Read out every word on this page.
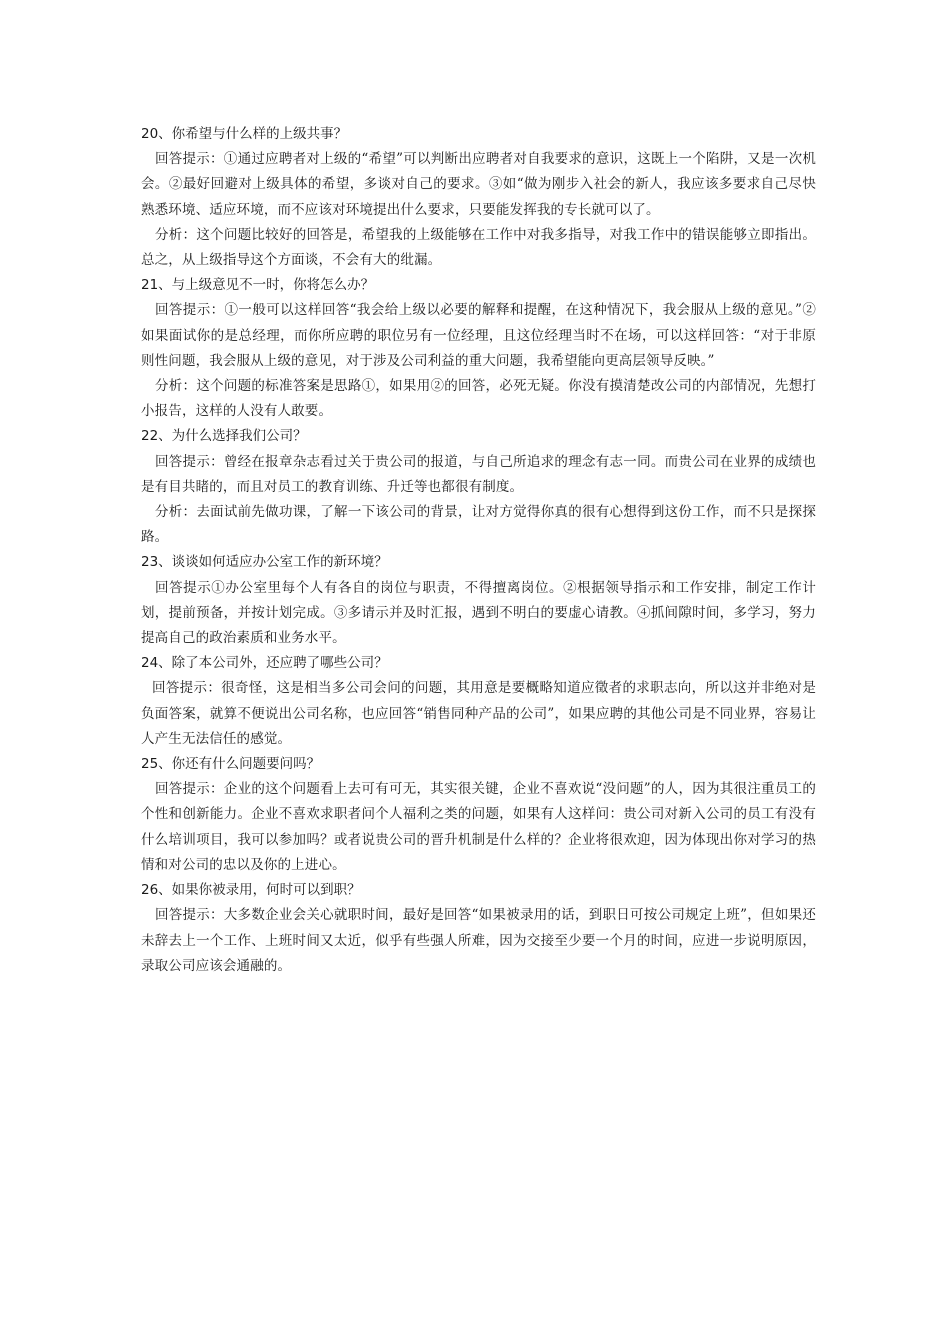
20、你希望与什么样的上级共事？

回答提示：①通过应聘者对上级的“希望”可以判断出应聘者对自我要求的意识，这既上一个陷阱，又是一次机会。②最好回避对上级具体的希望，多谈对自己的要求。③如“做为刚步入社会的新人，我应该多要求自己尽快熟悉环境、适应环境，而不应该对环境提出什么要求，只要能发挥我的专长就可以了。

分析：这个问题比较好的回答是，希望我的上级能够在工作中对我多指导，对我工作中的错误能够立即指出。总之，从上级指导这个方面谈，不会有大的纰漏。

21、与上级意见不一时，你将怎么办？

回答提示：①一般可以这样回答“我会给上级以必要的解释和提醒，在这种情况下，我会服从上级的意见。”②如果面试你的是总经理，而你所应聘的职位另有一位经理，且这位经理当时不在场，可以这样回答：“对于非原则性问题，我会服从上级的意见，对于涉及公司利益的重大问题，我希望能向更高层领导反映。”

分析：这个问题的标准答案是思路①，如果用②的回答，必死无疑。你没有摸清楚改公司的内部情况，先想打小报告，这样的人没有人敢要。

22、为什么选择我们公司？

回答提示：曾经在报章杂志看过关于贵公司的报道，与自己所追求的理念有志一同。而贵公司在业界的成绩也是有目共睹的，而且对员工的教育训练、升迁等也都很有制度。

分析：去面试前先做功课，了解一下该公司的背景，让对方觉得你真的很有心想得到这份工作，而不只是探探路。

23、谈谈如何适应办公室工作的新环境？

回答提示①办公室里每个人有各自的岗位与职责，不得擅离岗位。②根据领导指示和工作安排，制定工作计划，提前预备，并按计划完成。③多请示并及时汇报，遇到不明白的要虚心请教。④抓间隙时间，多学习，努力提高自己的政治素质和业务水平。

24、除了本公司外，还应聘了哪些公司？

回答提示：很奇怪，这是相当多公司会问的问题，其用意是要概略知道应徵者的求职志向，所以这并非绝对是负面答案，就算不便说出公司名称，也应回答“销售同种产品的公司”，如果应聘的其他公司是不同业界，容易让人产生无法信任的感觉。

25、你还有什么问题要问吗？

回答提示：企业的这个问题看上去可有可无，其实很关键，企业不喜欢说“没问题”的人，因为其很注重员工的个性和创新能力。企业不喜欢求职者问个人福利之类的问题，如果有人这样问：贵公司对新入公司的员工有没有什么培训项目，我可以参加吗？或者说贵公司的晋升机制是什么样的？企业将很欢迎，因为体现出你对学习的热情和对公司的忠以及你的上进心。

26、如果你被录用，何时可以到职？

回答提示：大多数企业会关心就职时间，最好是回答“如果被录用的话，到职日可按公司规定上班”，但如果还未辞去上一个工作、上班时间又太近，似乎有些强人所难，因为交接至少要一个月的时间，应进一步说明原因，录取公司应该会通融的。
